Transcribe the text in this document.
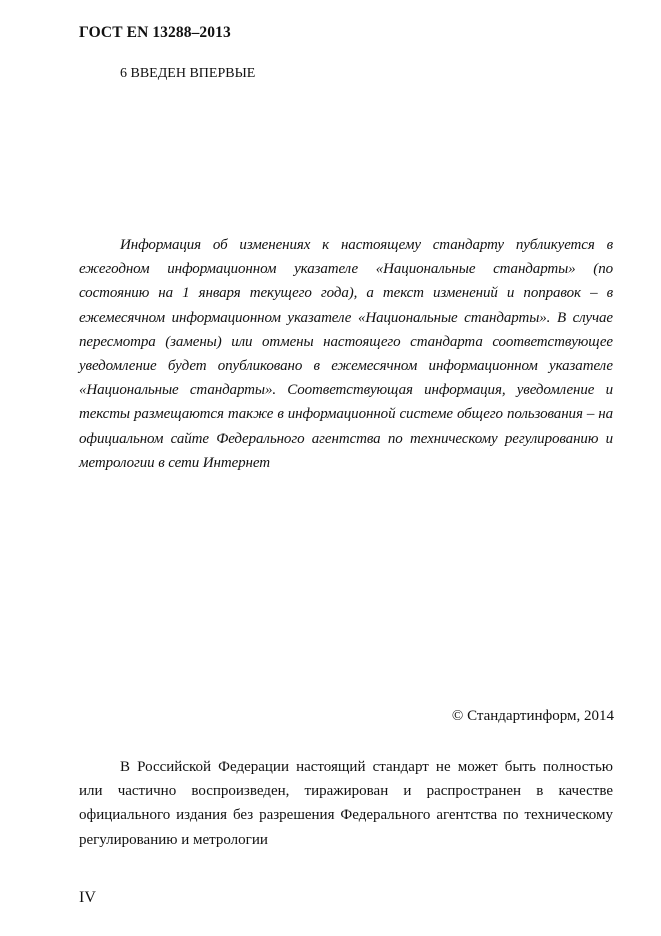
ГОСТ EN 13288–2013
6 ВВЕДЕН ВПЕРВЫЕ
Информация об изменениях к настоящему стандарту публикуется в ежегодном информационном указателе «Национальные стандарты» (по состоянию на 1 января текущего года), а текст изменений и поправок – в ежемесячном информационном указателе «Национальные стандарты». В случае пересмотра (замены) или отмены настоящего стандарта соответствующее уведомление будет опубликовано в ежемесячном информационном указателе «Национальные стандарты». Соответствующая информация, уведомление и тексты размещаются также в информационной системе общего пользования – на официальном сайте Федерального агентства по техническому регулированию и метрологии в сети Интернет
© Стандартинформ, 2014
В Российской Федерации настоящий стандарт не может быть полностью или частично воспроизведен, тиражирован и распространен в качестве официального издания без разрешения Федерального агентства по техническому регулированию и метрологии
IV
